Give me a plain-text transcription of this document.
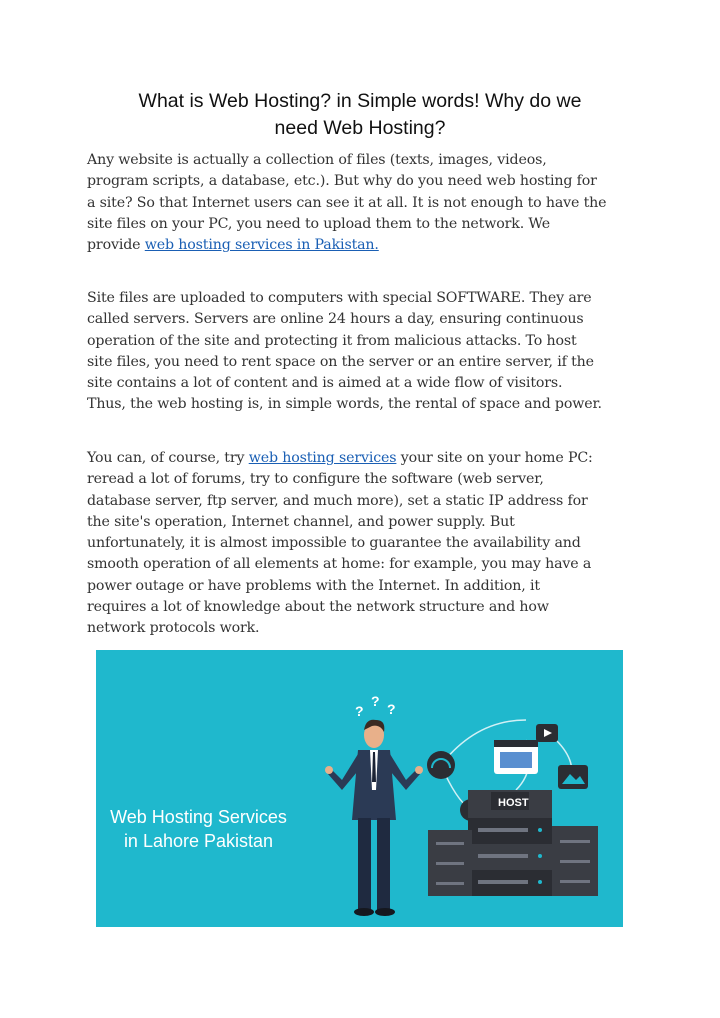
What is Web Hosting? in Simple words! Why do we
need Web Hosting?
Any website is actually a collection of files (texts, images, videos,
program scripts, a database, etc.). But why do you need web hosting for
a site? So that Internet users can see it at all. It is not enough to have the
site files on your PC, you need to upload them to the network. We
provide web hosting services in Pakistan.
Site files are uploaded to computers with special SOFTWARE. They are
called servers. Servers are online 24 hours a day, ensuring continuous
operation of the site and protecting it from malicious attacks. To host
site files, you need to rent space on the server or an entire server, if the
site contains a lot of content and is aimed at a wide flow of visitors.
Thus, the web hosting is, in simple words, the rental of space and power.
You can, of course, try web hosting services your site on your home PC:
reread a lot of forums, try to configure the software (web server,
database server, ftp server, and much more), set a static IP address for
the site's operation, Internet channel, and power supply. But
unfortunately, it is almost impossible to guarantee the availability and
smooth operation of all elements at home: for example, you may have a
power outage or have problems with the Internet. In addition, it
requires a lot of knowledge about the network structure and how
network protocols work.
?
? ?
HOST
Web Hosting Services
in Lahore Pakistan
